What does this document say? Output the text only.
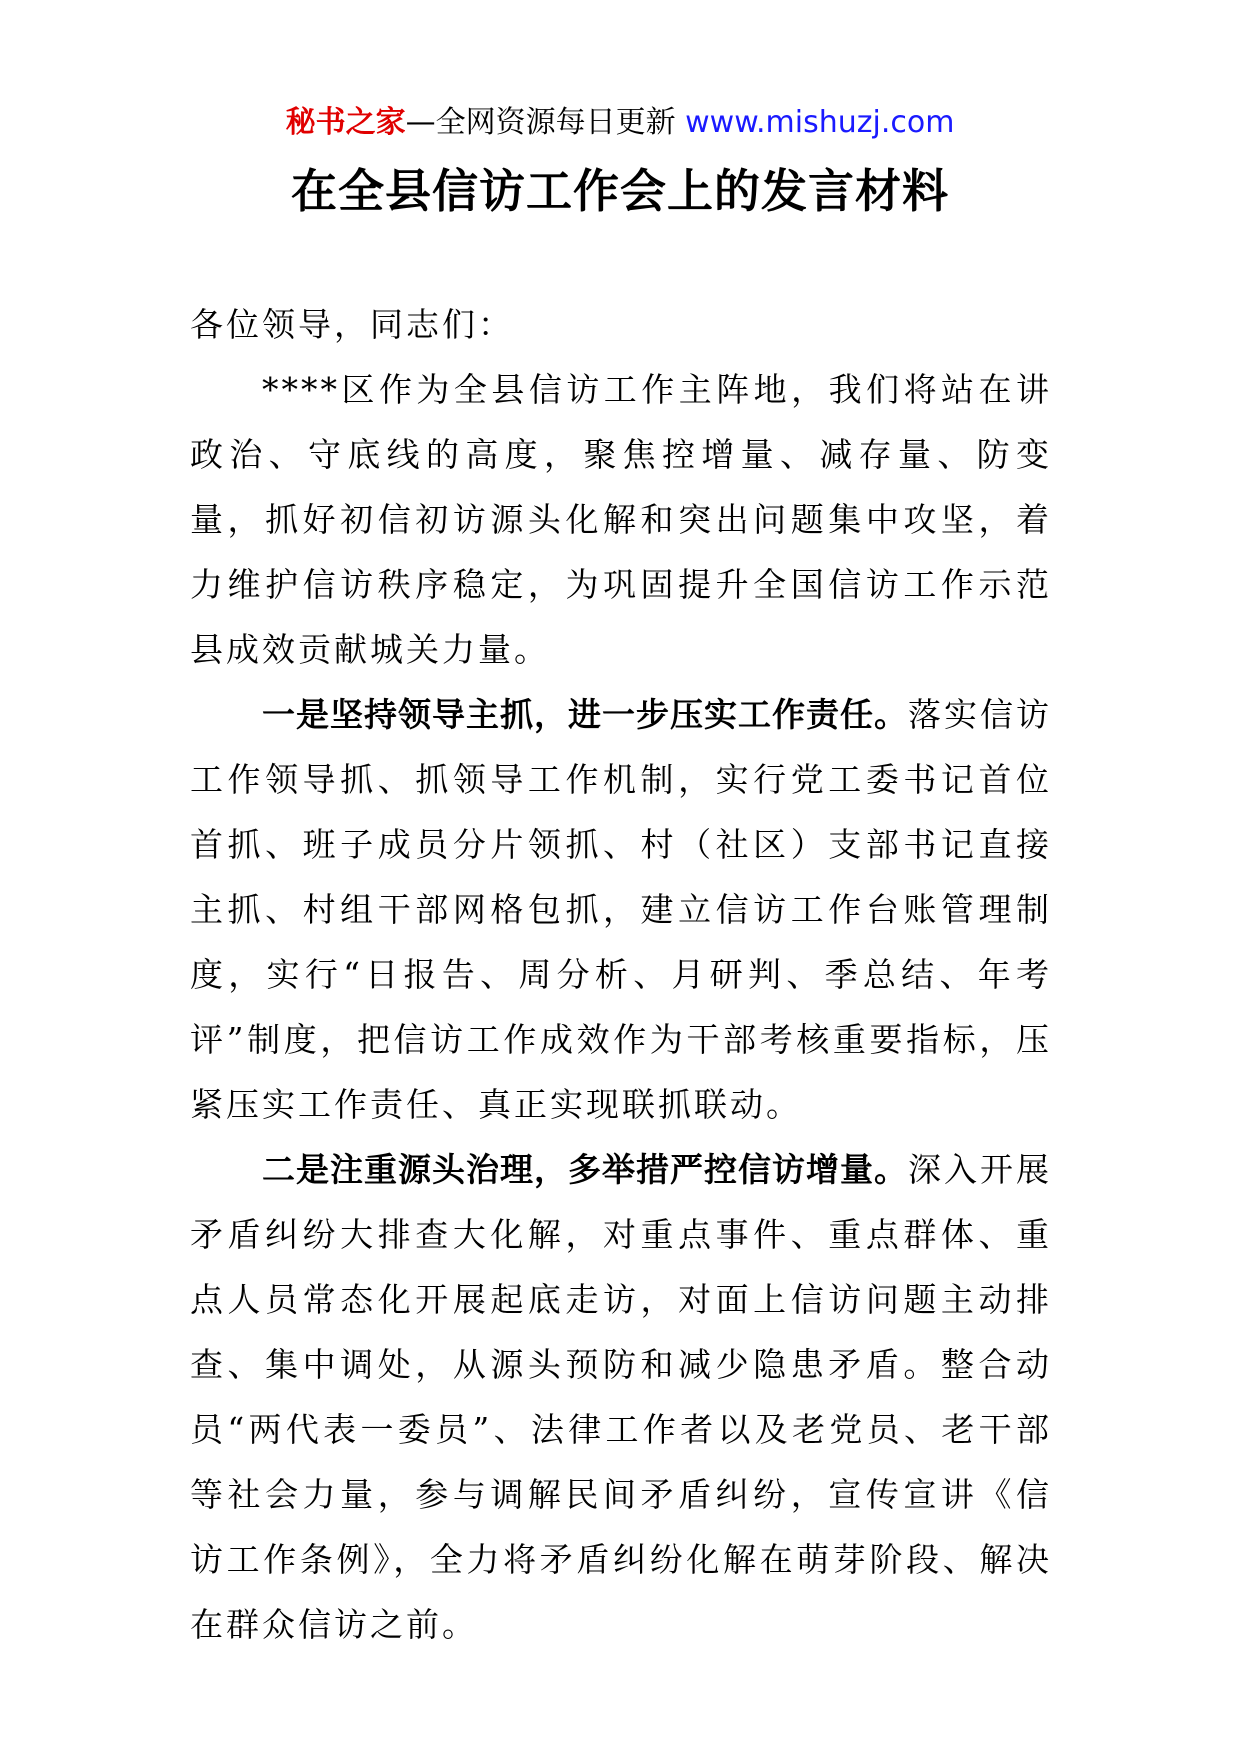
秘书之家—全网资源每日更新 www.mishuzj.com
在全县信访工作会上的发言材料

各位领导，同志们：

****区作为全县信访工作主阵地，我们将站在讲政治、守底线的高度，聚焦控增量、减存量、防变量，抓好初信初访源头化解和突出问题集中攻坚，着力维护信访秩序稳定，为巩固提升全国信访工作示范县成效贡献城关力量。

一是坚持领导主抓，进一步压实工作责任。落实信访工作领导抓、抓领导工作机制，实行党工委书记首位首抓、班子成员分片领抓、村（社区）支部书记直接主抓、村组干部网格包抓，建立信访工作台账管理制度，实行“日报告、周分析、月研判、季总结、年考评”制度，把信访工作成效作为干部考核重要指标，压紧压实工作责任、真正实现联抓联动。

二是注重源头治理，多举措严控信访增量。深入开展矛盾纠纷大排查大化解，对重点事件、重点群体、重点人员常态化开展起底走访，对面上信访问题主动排查、集中调处，从源头预防和减少隐患矛盾。整合动员“两代表一委员”、法律工作者以及老党员、老干部等社会力量，参与调解民间矛盾纠纷，宣传宣讲《信访工作条例》，全力将矛盾纠纷化解在萌芽阶段、解决在群众信访之前。
